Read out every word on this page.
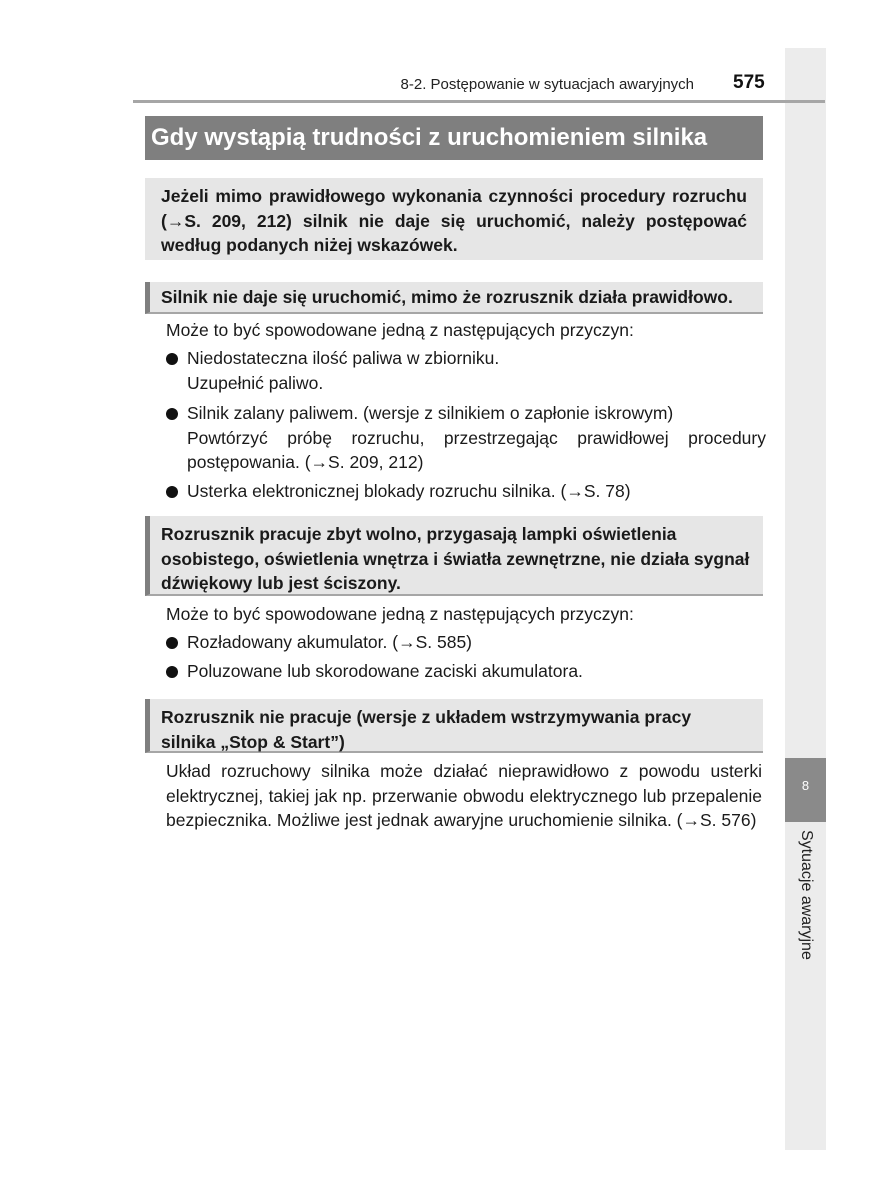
8
Sytuacje awaryjne
8-2. Postępowanie w sytuacjach awaryjnych 575
Gdy wystąpią trudności z uruchomieniem silnika
Jeżeli mimo prawidłowego wykonania czynności procedury rozruchu (→S. 209, 212) silnik nie daje się uruchomić, należy postępować według podanych niżej wskazówek.
Silnik nie daje się uruchomić, mimo że rozrusznik działa prawidłowo.
Może to być spowodowane jedną z następujących przyczyn:
Niedostateczna ilość paliwa w zbiorniku.
Uzupełnić paliwo.
Silnik zalany paliwem. (wersje z silnikiem o zapłonie iskrowym)
Powtórzyć próbę rozruchu, przestrzegając prawidłowej procedury postępowania. (→S. 209, 212)
Usterka elektronicznej blokady rozruchu silnika. (→S. 78)
Rozrusznik pracuje zbyt wolno, przygasają lampki oświetlenia osobistego, oświetlenia wnętrza i światła zewnętrzne, nie działa sygnał dźwiękowy lub jest ściszony.
Może to być spowodowane jedną z następujących przyczyn:
Rozładowany akumulator. (→S. 585)
Poluzowane lub skorodowane zaciski akumulatora.
Rozrusznik nie pracuje (wersje z układem wstrzymywania pracy silnika „Stop & Start”)
Układ rozruchowy silnika może działać nieprawidłowo z powodu usterki elektrycznej, takiej jak np. przerwanie obwodu elektrycznego lub przepalenie bezpiecznika. Możliwe jest jednak awaryjne uruchomienie silnika. (→S. 576)
